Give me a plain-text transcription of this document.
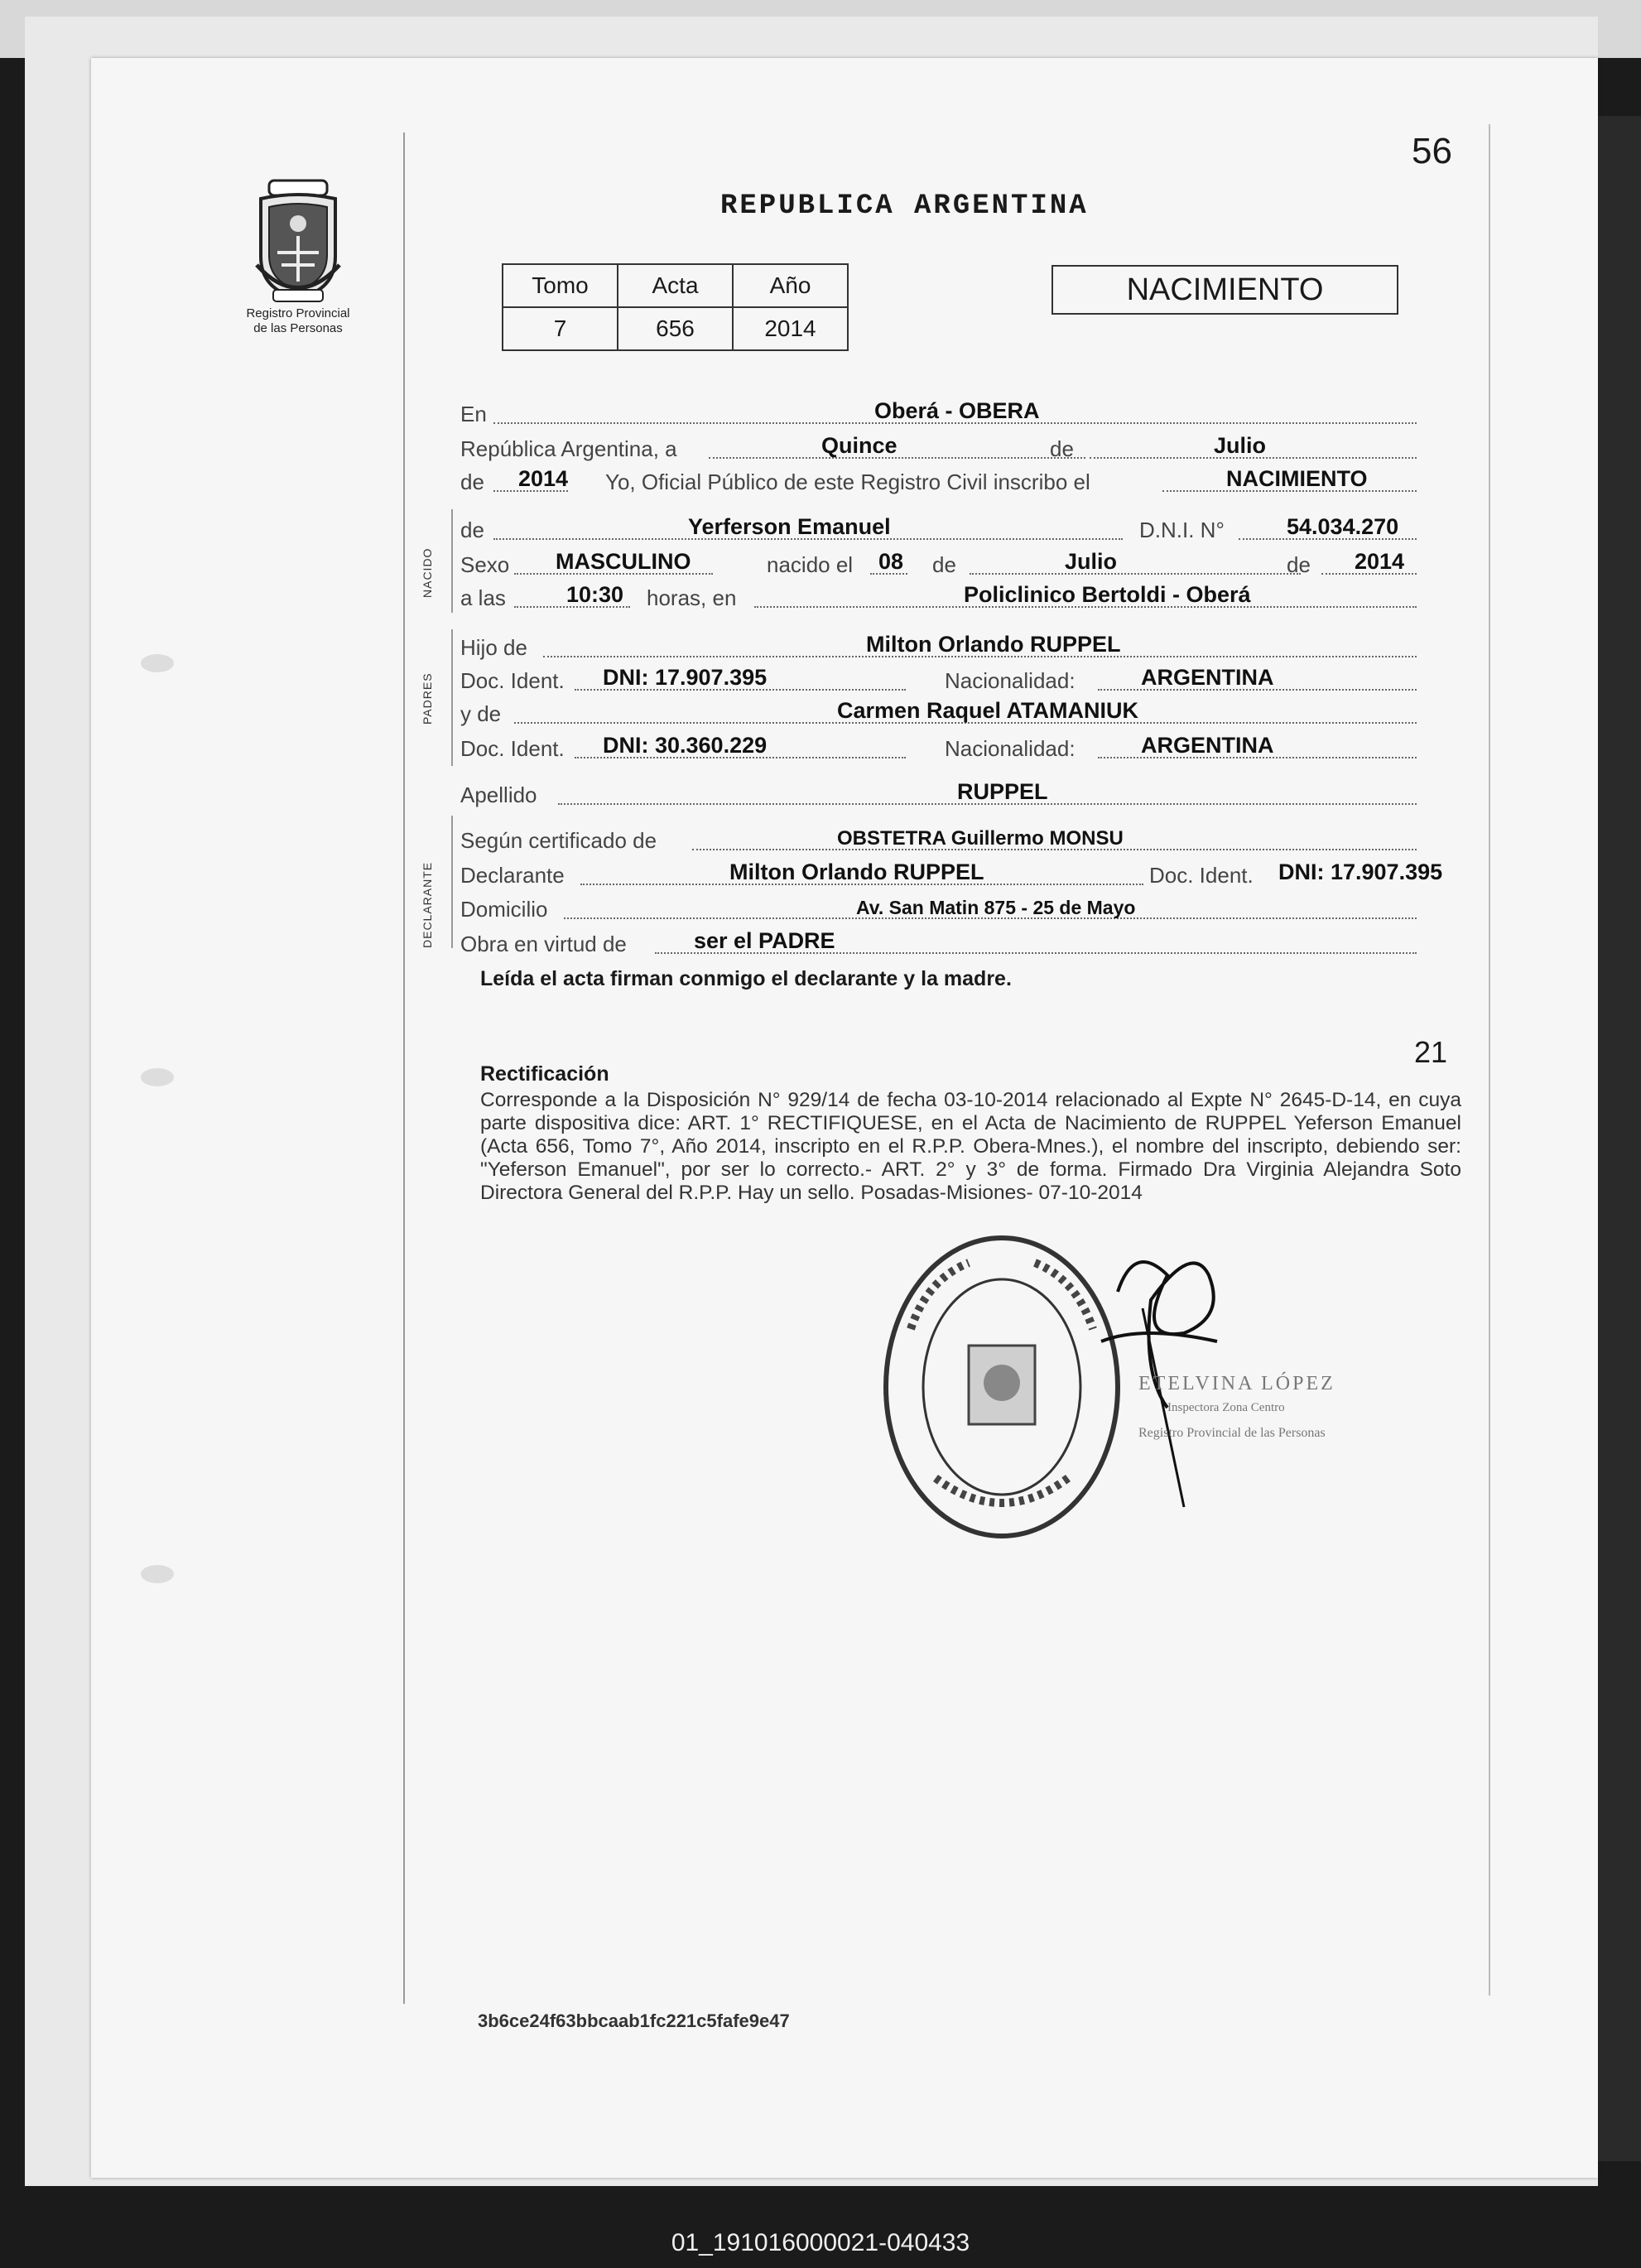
56
Registro Provincial
de las Personas
REPUBLICA ARGENTINA
Tomo	Acta	Año
7	656	2014
NACIMIENTO
NACIDO
PADRES
DECLARANTE
En	Oberá - OBERA
República Argentina, a	Quince	de	Julio
de 2014 Yo, Oficial Público de este Registro Civil inscribo el	NACIMIENTO
de	Yerferson Emanuel	D.N.I. N°	54.034.270
Sexo MASCULINO	nacido el 08 de	Julio	de 2014
a las	10:30 horas, en	Policlinico Bertoldi - Oberá
Hijo de	Milton Orlando RUPPEL
Doc. Ident. DNI: 17.907.395	Nacionalidad:	ARGENTINA
y de	Carmen Raquel ATAMANIUK
Doc. Ident. DNI: 30.360.229	Nacionalidad:	ARGENTINA
Apellido	RUPPEL
Según certificado de	OBSTETRA Guillermo MONSU
Declarante	Milton Orlando RUPPEL	Doc. Ident. DNI: 17.907.395
Domicilio	Av. San Matin 875 - 25 de Mayo
Obra en virtud de	ser el PADRE
Leída el acta firman conmigo el declarante y la madre.
21
Rectificación
Corresponde a la Disposición N° 929/14 de fecha 03-10-2014 relacionado al Expte N° 2645-D-14, en cuya parte dispositiva dice: ART. 1° RECTIFIQUESE, en el Acta de Nacimiento de RUPPEL Yeferson Emanuel (Acta 656, Tomo 7°, Año 2014, inscripto en el R.P.P. Obera-Mnes.), el nombre del inscripto, debiendo ser: "Yeferson Emanuel", por ser lo correcto.- ART. 2° y 3° de forma. Firmado Dra Virginia Alejandra Soto Directora General del R.P.P. Hay un sello. Posadas-Misiones- 07-10-2014
ETELVINA LÓPEZ
Inspectora Zona Centro
Registro Provincial de las Personas
3b6ce24f63bbcaab1fc221c5fafe9e47
01_191016000021-040433
